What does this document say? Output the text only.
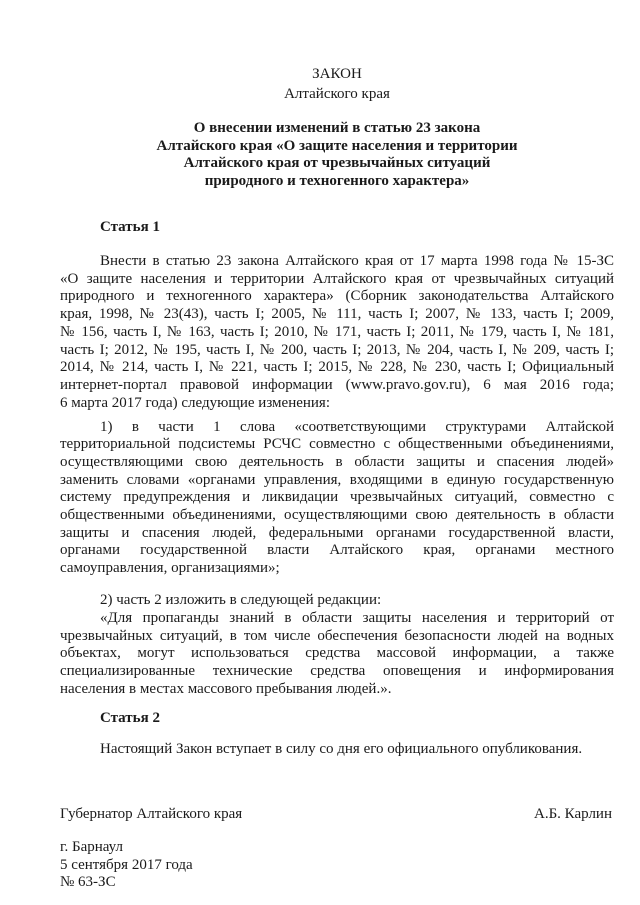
ЗАКОН
Алтайского края
О внесении изменений в статью 23 закона
Алтайского края «О защите населения и территории
Алтайского края от чрезвычайных ситуаций
природного и техногенного характера»
Статья 1
Внести в статью 23 закона Алтайского края от 17 марта 1998 года № 15-ЗС
«О защите населения и территории Алтайского края от чрезвычайных ситуаций
природного и техногенного характера» (Сборник законодательства Алтайского
края, 1998, № 23(43), часть I; 2005, № 111, часть I; 2007, № 133, часть I; 2009,
№ 156, часть I, № 163, часть I; 2010, № 171, часть I; 2011, № 179, часть I, № 181,
часть I; 2012, № 195, часть I, № 200, часть I; 2013, № 204, часть I, № 209, часть I;
2014, № 214, часть I, № 221, часть I; 2015, № 228, № 230, часть I; Официальный
интернет-портал правовой информации (www.pravo.gov.ru), 6 мая 2016 года;
6 марта 2017 года) следующие изменения:
1) в части 1 слова «соответствующими структурами Алтайской
территориальной подсистемы РСЧС совместно с общественными объединениями,
осуществляющими свою деятельность в области защиты и спасения людей»
заменить словами «органами управления, входящими в единую государственную
систему предупреждения и ликвидации чрезвычайных ситуаций, совместно с
общественными объединениями, осуществляющими свою деятельность в области
защиты и спасения людей, федеральными органами государственной власти,
органами государственной власти Алтайского края, органами местного
самоуправления, организациями»;
2) часть 2 изложить в следующей редакции:
«Для пропаганды знаний в области защиты населения и территорий от
чрезвычайных ситуаций, в том числе обеспечения безопасности людей на водных
объектах, могут использоваться средства массовой информации, а также
специализированные технические средства оповещения и информирования
населения в местах массового пребывания людей.».
Статья 2
Настоящий Закон вступает в силу со дня его официального опубликования.
Губернатор Алтайского края	А.Б. Карлин
г. Барнаул
5 сентября 2017 года
№ 63-ЗС
